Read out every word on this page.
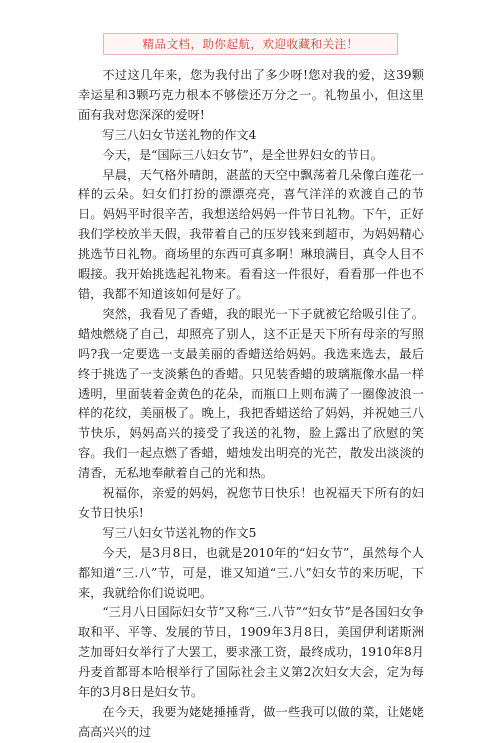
精品文档，助你起航，欢迎收藏和关注！

不过这几年来，您为我付出了多少呀!您对我的爱，这39颗幸运星和3颗巧克力根本不够偿还万分之一。礼物虽小，但这里面有我对您深深的爱呀!

写三八妇女节送礼物的作文4

今天，是“国际三八妇女节”，是全世界妇女的节日。

早晨，天气格外晴朗，湛蓝的天空中飘荡着几朵像白莲花一样的云朵。妇女们打扮的漂漂亮亮，喜气洋洋的欢渡自己的节日。妈妈平时很辛苦，我想送给妈妈一件节日礼物。下午，正好我们学校放半天假，我带着自己的压岁钱来到超市，为妈妈精心挑选节日礼物。商场里的东西可真多啊！琳琅满目，真令人目不暇接。我开始挑选起礼物来。看看这一件很好，看看那一件也不错，我都不知道该如何是好了。

突然，我看见了香蜡，我的眼光一下子就被它给吸引住了。蜡烛燃烧了自己，却照亮了别人，这不正是天下所有母亲的写照吗?我一定要选一支最美丽的香蜡送给妈妈。我选来选去，最后终于挑选了一支淡紫色的香蜡。只见装香蜡的玻璃瓶像水晶一样透明，里面装着金黄色的花朵，而瓶口上则布满了一圈像波浪一样的花纹，美丽极了。晚上，我把香蜡送给了妈妈，并祝她三八节快乐，妈妈高兴的接受了我送的礼物，脸上露出了欣慰的笑容。我们一起点燃了香蜡，蜡烛发出明亮的光芒，散发出淡淡的清香，无私地奉献着自己的光和热。

祝福你，亲爱的妈妈，祝您节日快乐！也祝福天下所有的妇女节日快乐!

写三八妇女节送礼物的作文5

今天，是3月8日，也就是2010年的“妇女节”，虽然每个人都知道“三.八”节，可是，谁又知道“三.八”妇女节的来历呢，下来，我就给你们说说吧。

“三月八日国际妇女节”又称“三.八节”“妇女节”是各国妇女争取和平、平等、发展的节日，1909年3月8日，美国伊利诺斯洲芝加哥妇女举行了大罢工，要求涨工资，最终成功，1910年8月丹麦首都哥本哈根举行了国际社会主义第2次妇女大会，定为每年的3月8日是妇女节。

在今天，我要为姥姥捶捶背，做一些我可以做的菜，让姥姥高高兴兴的过
